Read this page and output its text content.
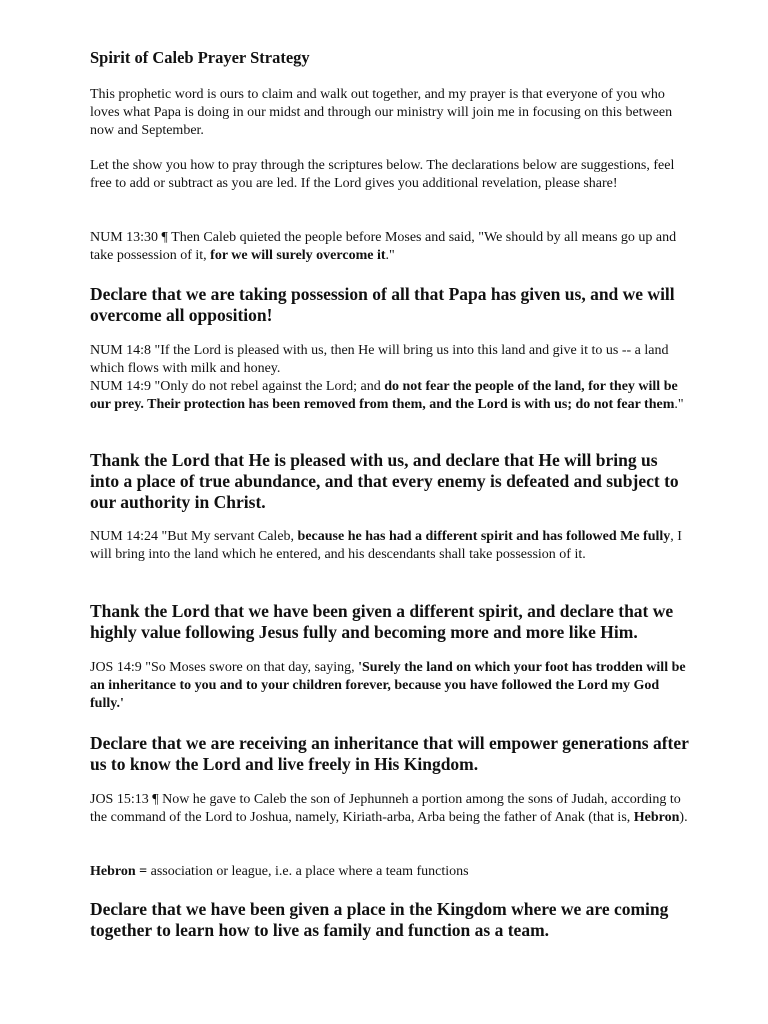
Spirit of Caleb Prayer Strategy
This prophetic word is ours to claim and walk out together, and my prayer is that everyone of you who loves what Papa is doing in our midst and through our ministry will join me in focusing on this between now and September.
Let the show you how to pray through the scriptures below. The declarations below are suggestions, feel free to add or subtract as you are led. If the Lord gives you additional revelation, please share!
NUM 13:30 ¶ Then Caleb quieted the people before Moses and said, "We should by all means go up and take possession of it, for we will surely overcome it."
Declare that we are taking possession of all that Papa has given us, and we will overcome all opposition!
NUM 14:8 "If the Lord is pleased with us, then He will bring us into this land and give it to us -- a land which flows with milk and honey.
NUM 14:9 "Only do not rebel against the Lord; and do not fear the people of the land, for they will be our prey. Their protection has been removed from them, and the Lord is with us; do not fear them."
Thank the Lord that He is pleased with us, and declare that He will bring us into a place of true abundance, and that every enemy is defeated and subject to our authority in Christ.
NUM 14:24 "But My servant Caleb, because he has had a different spirit and has followed Me fully, I will bring into the land which he entered, and his descendants shall take possession of it.
Thank the Lord that we have been given a different spirit, and declare that we highly value following Jesus fully and becoming more and more like Him.
JOS 14:9 "So Moses swore on that day, saying, 'Surely the land on which your foot has trodden will be an inheritance to you and to your children forever, because you have followed the Lord my God fully.'
Declare that we are receiving an inheritance that will empower generations after us to know the Lord and live freely in His Kingdom.
JOS 15:13 ¶ Now he gave to Caleb the son of Jephunneh a portion among the sons of Judah, according to the command of the Lord to Joshua, namely, Kiriath-arba, Arba being the father of Anak (that is, Hebron).
Hebron = association or league, i.e. a place where a team functions
Declare that we have been given a place in the Kingdom where we are coming together to learn how to live as family and function as a team.
